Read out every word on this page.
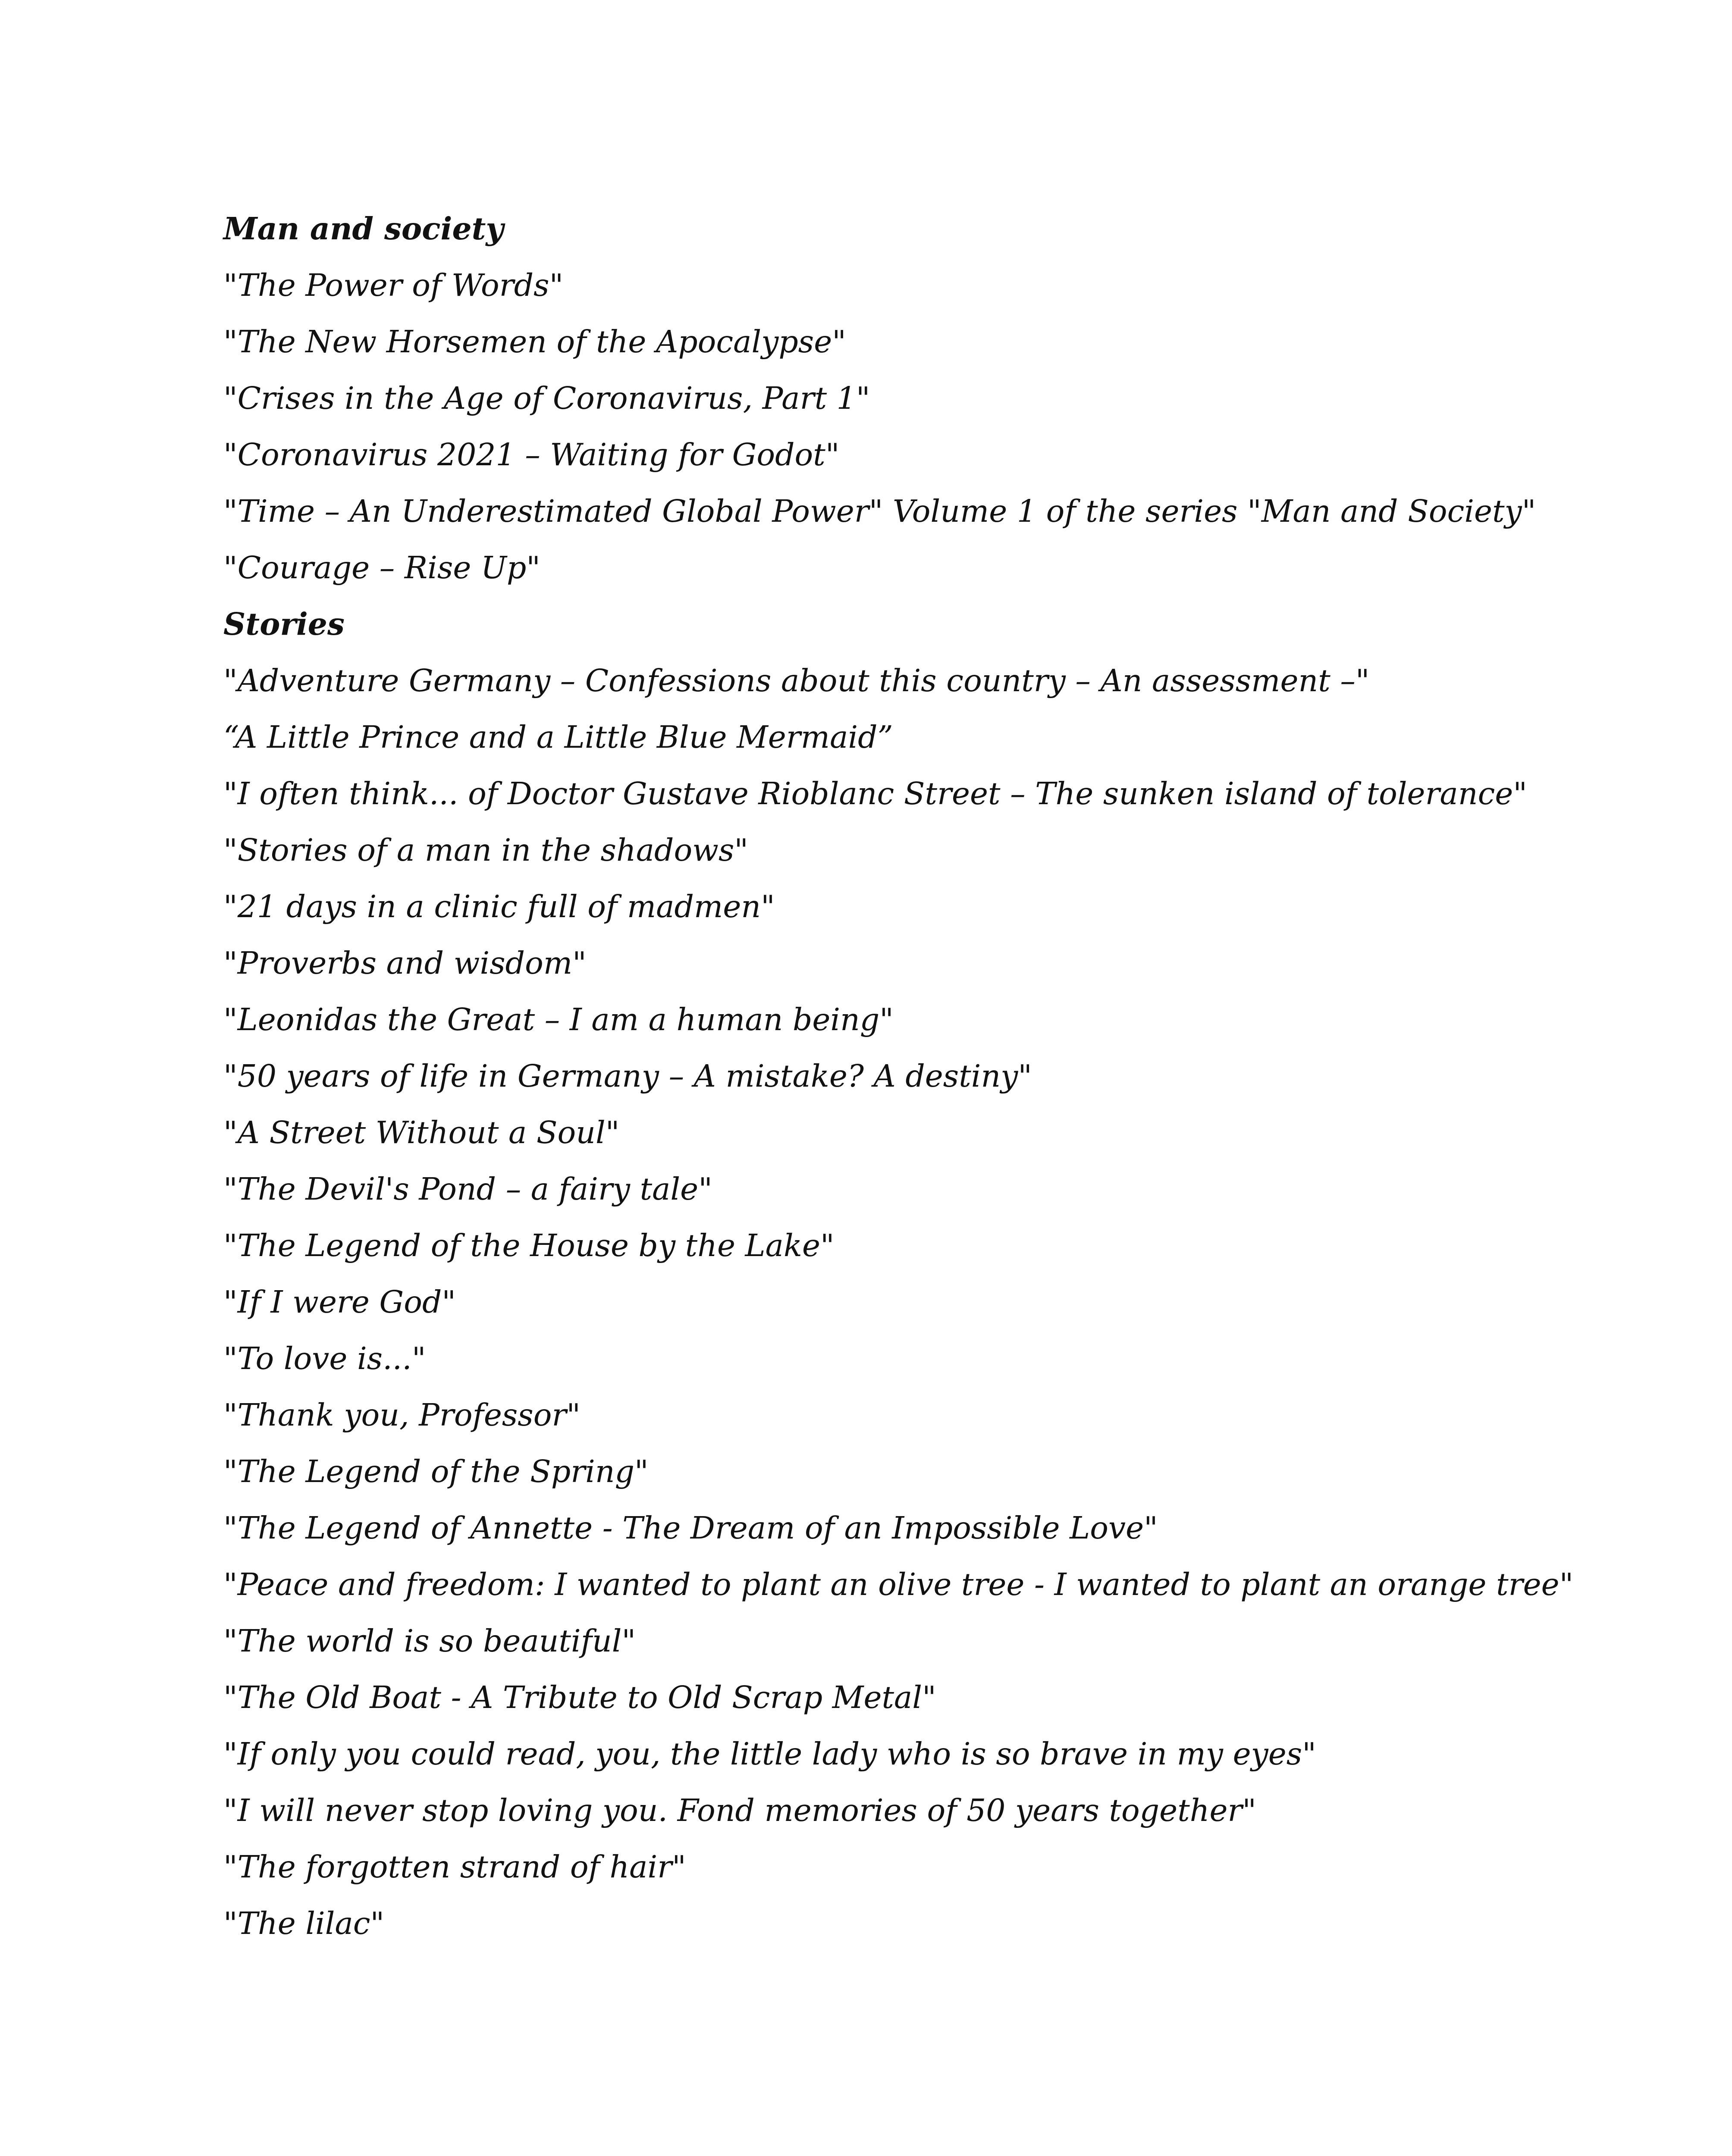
Man and society
"The Power of Words"
"The New Horsemen of the Apocalypse"
"Crises in the Age of Coronavirus, Part 1"
"Coronavirus 2021 – Waiting for Godot"
"Time – An Underestimated Global Power" Volume 1 of the series "Man and Society"
"Courage – Rise Up"
Stories
"Adventure Germany – Confessions about this country – An assessment –"
“A Little Prince and a Little Blue Mermaid”
"I often think... of Doctor Gustave Rioblanc Street – The sunken island of tolerance"
"Stories of a man in the shadows"
"21 days in a clinic full of madmen"
"Proverbs and wisdom"
"Leonidas the Great – I am a human being"
"50 years of life in Germany – A mistake? A destiny"
"A Street Without a Soul"
"The Devil's Pond – a fairy tale"
"The Legend of the House by the Lake"
"If I were God"
"To love is..."
"Thank you, Professor"
"The Legend of the Spring"
"The Legend of Annette - The Dream of an Impossible Love"
"Peace and freedom: I wanted to plant an olive tree - I wanted to plant an orange tree"
"The world is so beautiful"
"The Old Boat - A Tribute to Old Scrap Metal"
"If only you could read, you, the little lady who is so brave in my eyes"
"I will never stop loving you. Fond memories of 50 years together"
"The forgotten strand of hair"
"The lilac"
